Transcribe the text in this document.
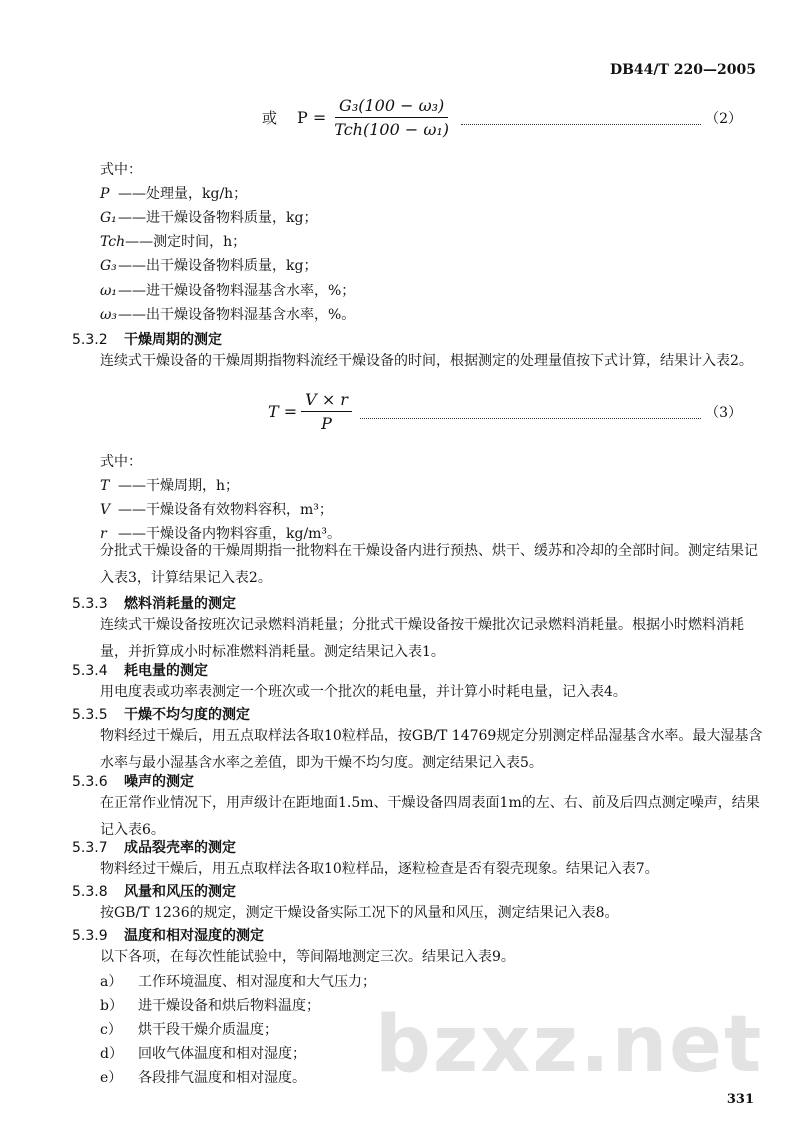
DB44/T 220—2005
或 $P = \frac{\text{G₃(100 − ω₃)}}{\text{Tch(100 − ω₁)}}$	（2）
式中：
P ——处理量，kg/h；
G₁——进干燥设备物料质量，kg；
Tch——测定时间，h；
G₃——出干燥设备物料质量，kg；
ω₁——进干燥设备物料湿基含水率，%；
ω₃——出干燥设备物料湿基含水率，%。
5.3.2 干燥周期的测定
连续式干燥设备的干燥周期指物料流经干燥设备的时间，根据测定的处理量值按下式计算，结果计入表2。
$T = \frac{V \times r}{P}$	（3）
式中：
T ——干燥周期，h；
V ——干燥设备有效物料容积，m³；
r ——干燥设备内物料容重，kg/m³。
分批式干燥设备的干燥周期指一批物料在干燥设备内进行预热、烘干、缓苏和冷却的全部时间。测定结果记入表3，计算结果记入表2。
5.3.3 燃料消耗量的测定
连续式干燥设备按班次记录燃料消耗量；分批式干燥设备按干燥批次记录燃料消耗量。根据小时燃料消耗量，并折算成小时标准燃料消耗量。测定结果记入表1。
5.3.4 耗电量的测定
用电度表或功率表测定一个班次或一个批次的耗电量，并计算小时耗电量，记入表4。
5.3.5 干燥不均匀度的测定
物料经过干燥后，用五点取样法各取10粒样品，按GB/T 14769规定分别测定样品湿基含水率。最大湿基含水率与最小湿基含水率之差值，即为干燥不均匀度。测定结果记入表5。
5.3.6 噪声的测定
在正常作业情况下，用声级计在距地面1.5m、干燥设备四周表面1m的左、右、前及后四点测定噪声，结果记入表6。
5.3.7 成品裂壳率的测定
物料经过干燥后，用五点取样法各取10粒样品，逐粒检查是否有裂壳现象。结果记入表7。
5.3.8 风量和风压的测定
按GB/T 1236的规定，测定干燥设备实际工况下的风量和风压，测定结果记入表8。
5.3.9 温度和相对湿度的测定
以下各项，在每次性能试验中，等间隔地测定三次。结果记入表9。
a） 工作环境温度、相对湿度和大气压力；
b） 进干燥设备和烘后物料温度；
c） 烘干段干燥介质温度；
d） 回收气体温度和相对湿度；
e） 各段排气温度和相对湿度。 bzxz.net
331
